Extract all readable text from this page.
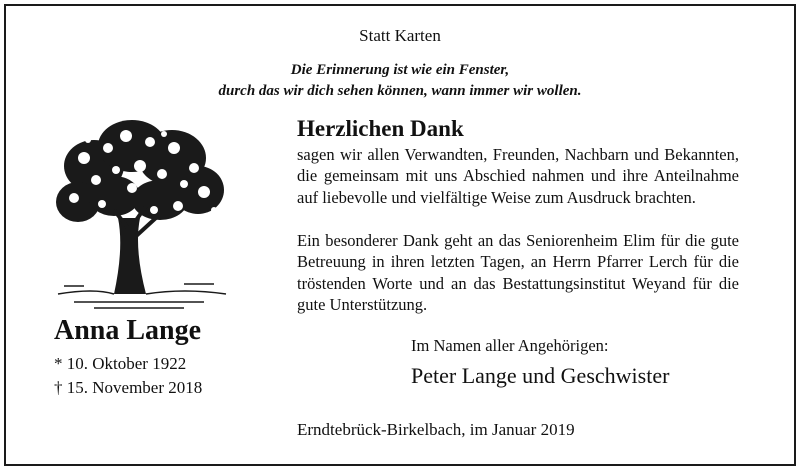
Statt Karten
Die Erinnerung ist wie ein Fenster,
durch das wir dich sehen können, wann immer wir wollen.
Anna Lange
* 10. Oktober 1922
† 15. November 2018
Herzlichen Dank
sagen wir allen Verwandten, Freunden, Nachbarn und Bekannten, die gemeinsam mit uns Abschied nahmen und ihre Anteilnahme auf liebevolle und vielfältige Weise zum Ausdruck brachten.
Ein besonderer Dank geht an das Seniorenheim Elim für die gute Betreuung in ihren letzten Tagen, an Herrn Pfarrer Lerch für die tröstenden Worte und an das Bestattungsinstitut Weyand für die gute Unterstützung.
Im Namen aller Angehörigen:
Peter Lange und Geschwister
Erndtebrück-Birkelbach, im Januar 2019
